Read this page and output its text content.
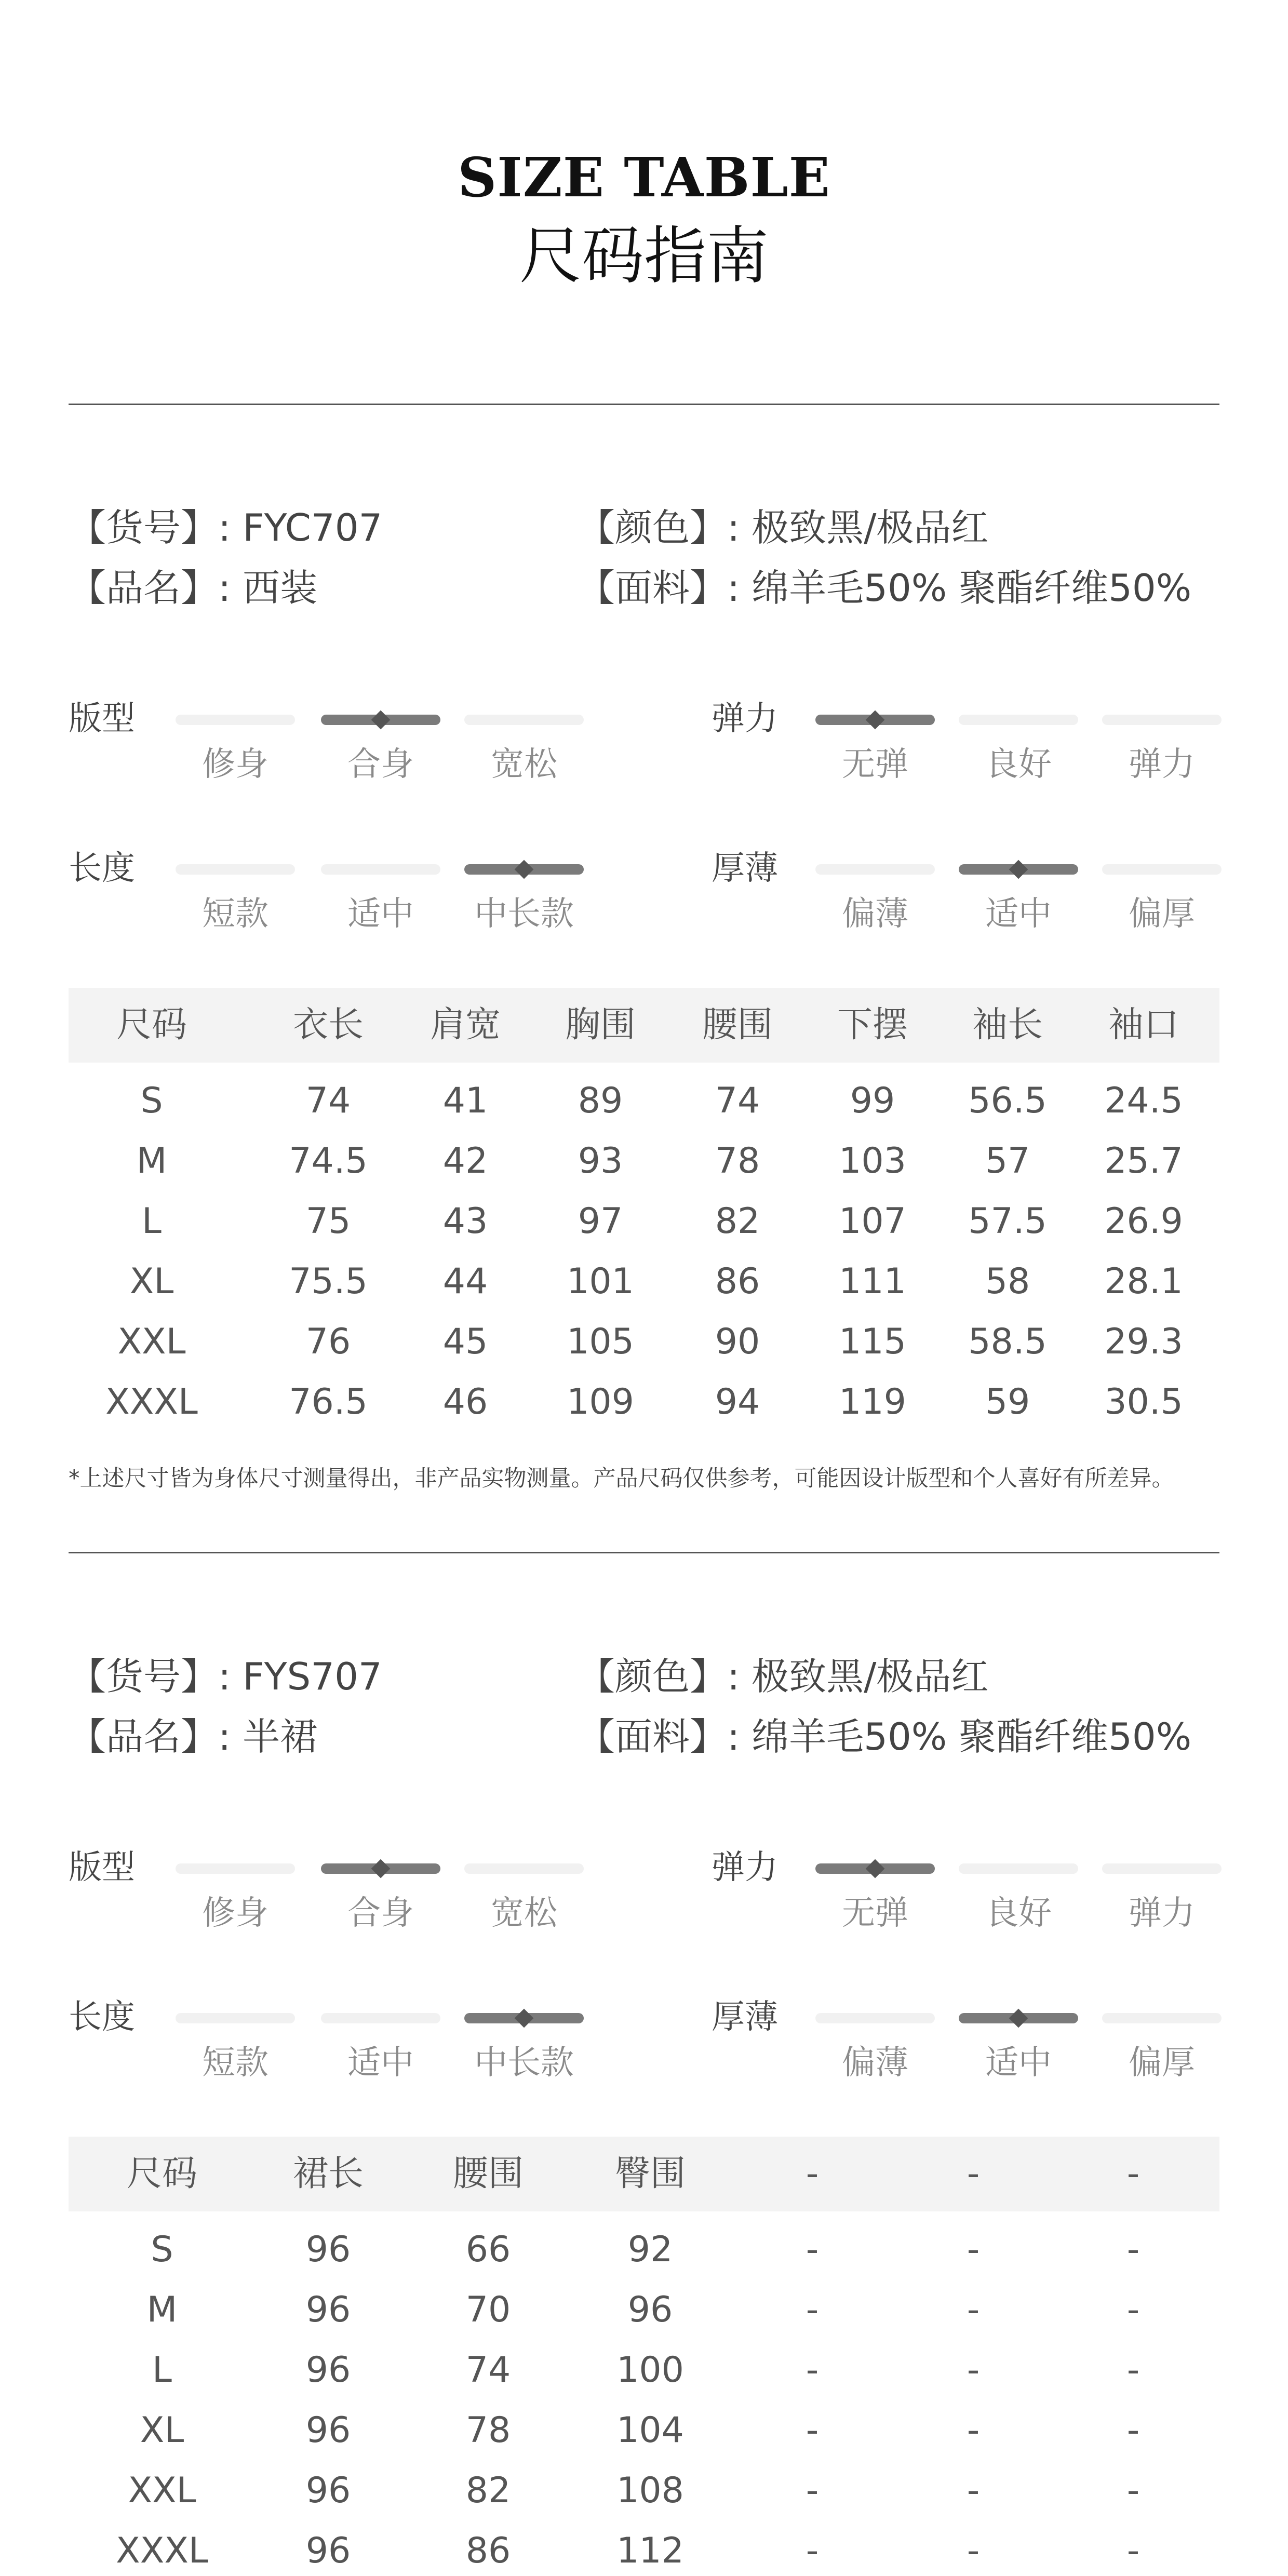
SIZE TABLE
尺码指南
【货号】: FYC707
【品名】: 西装
【颜色】: 极致黑/极品红
【面料】: 绵羊毛50% 聚酯纤维50%
版型
修身	合身	宽松
弹力
无弹	良好	弹力
长度
短款	适中	中长款
厚薄
偏薄	适中	偏厚
尺码	衣长	肩宽	胸围	腰围	下摆	袖长	袖口
S	74	41	89	74	99	56.5	24.5
M	74.5	42	93	78	103	57	25.7
L	75	43	97	82	107	57.5	26.9
XL	75.5	44	101	86	111	58	28.1
XXL	76	45	105	90	115	58.5	29.3
XXXL	76.5	46	109	94	119	59	30.5
*上述尺寸皆为身体尺寸测量得出，非产品实物测量。产品尺码仅供参考，可能因设计版型和个人喜好有所差异。
【货号】: FYS707
【品名】: 半裙
【颜色】: 极致黑/极品红
【面料】: 绵羊毛50% 聚酯纤维50%
版型
修身	合身	宽松
弹力
无弹	良好	弹力
长度
短款	适中	中长款
厚薄
偏薄	适中	偏厚
尺码	裙长	腰围	臀围	-	-	-
S	96	66	92	-	-	-
M	96	70	96	-	-	-
L	96	74	100	-	-	-
XL	96	78	104	-	-	-
XXL	96	82	108	-	-	-
XXXL	96	86	112	-	-	-
